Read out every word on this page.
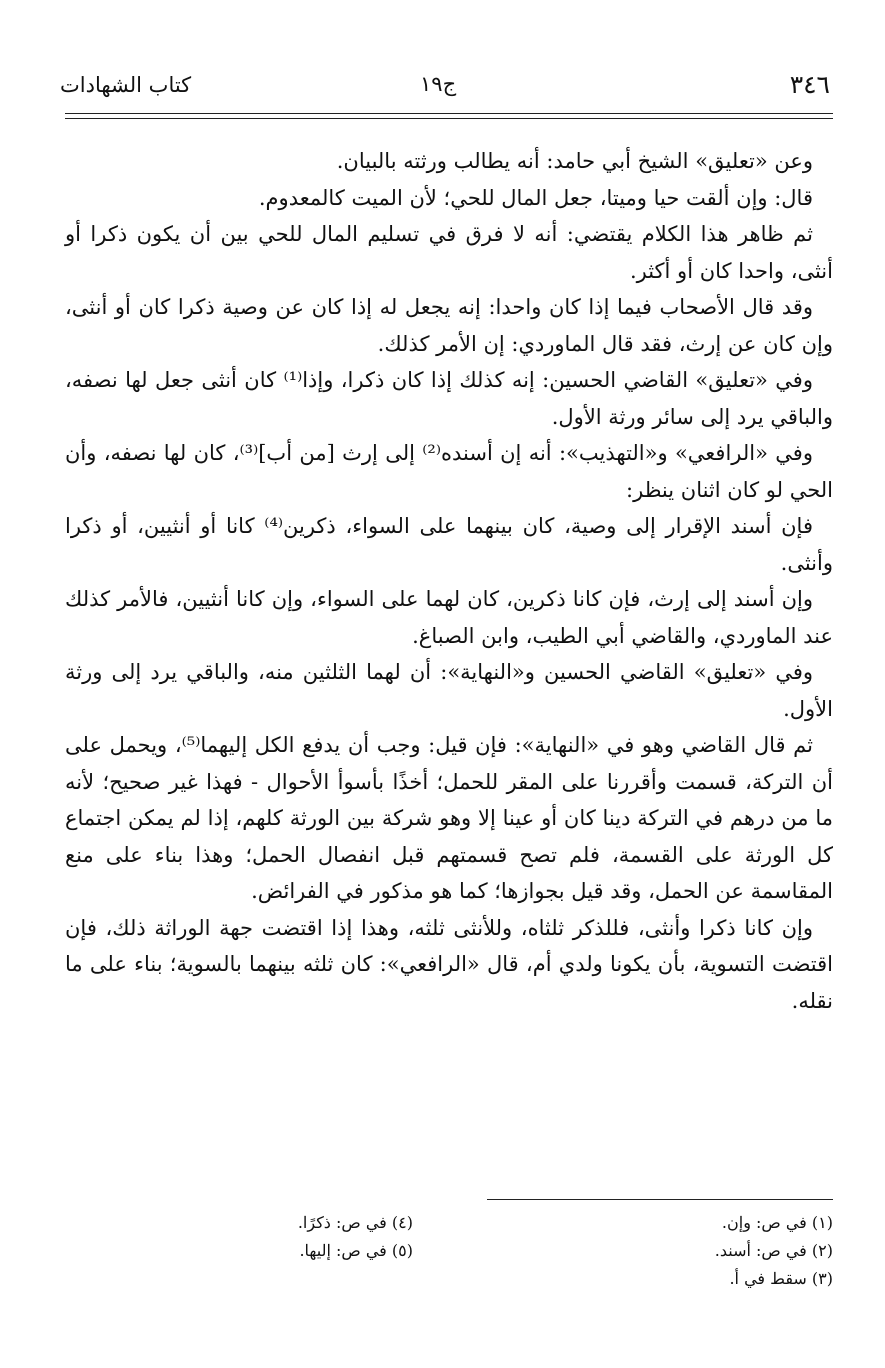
٣٤٦
ج١٩
كتاب الشهادات

وعن «تعليق» الشيخ أبي حامد: أنه يطالب ورثته بالبيان.

قال: وإن ألقت حيا وميتا، جعل المال للحي؛ لأن الميت كالمعدوم.

ثم ظاهر هذا الكلام يقتضي: أنه لا فرق في تسليم المال للحي بين أن يكون ذكرا أو أنثى، واحدا كان أو أكثر.

وقد قال الأصحاب فيما إذا كان واحدا: إنه يجعل له إذا كان عن وصية ذكرا كان أو أنثى، وإن كان عن إرث، فقد قال الماوردي: إن الأمر كذلك.

وفي «تعليق» القاضي الحسين: إنه كذلك إذا كان ذكرا، وإذا⁽¹⁾ كان أنثى جعل لها نصفه، والباقي يرد إلى سائر ورثة الأول.

وفي «الرافعي» و«التهذيب»: أنه إن أسنده⁽²⁾ إلى إرث [من أب]⁽³⁾، كان لها نصفه، وأن الحي لو كان اثنان ينظر:

فإن أسند الإقرار إلى وصية، كان بينهما على السواء، ذكرين⁽⁴⁾ كانا أو أنثيين، أو ذكرا وأنثى.

وإن أسند إلى إرث، فإن كانا ذكرين، كان لهما على السواء، وإن كانا أنثيين، فالأمر كذلك عند الماوردي، والقاضي أبي الطيب، وابن الصباغ.

وفي «تعليق» القاضي الحسين و«النهاية»: أن لهما الثلثين منه، والباقي يرد إلى ورثة الأول.

ثم قال القاضي وهو في «النهاية»: فإن قيل: وجب أن يدفع الكل إليهما⁽⁵⁾، ويحمل على أن التركة، قسمت وأقررنا على المقر للحمل؛ أخذًا بأسوأ الأحوال - فهذا غير صحيح؛ لأنه ما من درهم في التركة دينا كان أو عينا إلا وهو شركة بين الورثة كلهم، إذا لم يمكن اجتماع كل الورثة على القسمة، فلم تصح قسمتهم قبل انفصال الحمل؛ وهذا بناء على منع المقاسمة عن الحمل، وقد قيل بجوازها؛ كما هو مذكور في الفرائض.

وإن كانا ذكرا وأنثى، فللذكر ثلثاه، وللأنثى ثلثه، وهذا إذا اقتضت جهة الوراثة ذلك، فإن اقتضت التسوية، بأن يكونا ولدي أم، قال «الرافعي»: كان ثلثه بينهما بالسوية؛ بناء على ما نقله.

(١) في ص: وإن.
(٢) في ص: أسند.
(٣) سقط في أ.
(٤) في ص: ذكرًا.
(٥) في ص: إليها.
